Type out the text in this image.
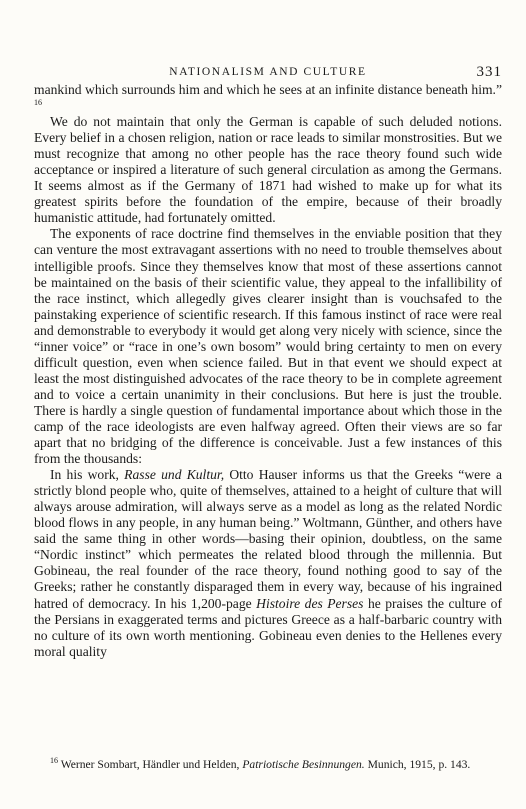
NATIONALISM AND CULTURE	331

mankind which surrounds him and which he sees at an infinite distance beneath him.” $^{16}$

We do not maintain that only the German is capable of such deluded notions. Every belief in a chosen religion, nation or race leads to similar monstrosities. But we must recognize that among no other people has the race theory found such wide acceptance or inspired a literature of such general circulation as among the Germans. It seems almost as if the Germany of 1871 had wished to make up for what its greatest spirits before the foundation of the empire, because of their broadly humanistic attitude, had fortunately omitted.

The exponents of race doctrine find themselves in the enviable position that they can venture the most extravagant assertions with no need to trouble themselves about intelligible proofs. Since they themselves know that most of these assertions cannot be maintained on the basis of their scientific value, they appeal to the infallibility of the race instinct, which allegedly gives clearer insight than is vouchsafed to the painstaking experience of scientific research. If this famous instinct of race were real and demonstrable to everybody it would get along very nicely with science, since the “inner voice” or “race in one’s own bosom” would bring certainty to men on every difficult question, even when science failed. But in that event we should expect at least the most distinguished advocates of the race theory to be in complete agreement and to voice a certain unanimity in their conclusions. But here is just the trouble. There is hardly a single question of fundamental importance about which those in the camp of the race ideologists are even halfway agreed. Often their views are so far apart that no bridging of the difference is conceivable. Just a few instances of this from the thousands:

In his work, Rasse und Kultur, Otto Hauser informs us that the Greeks “were a strictly blond people who, quite of themselves, attained to a height of culture that will always arouse admiration, will always serve as a model as long as the related Nordic blood flows in any people, in any human being.” Woltmann, Günther, and others have said the same thing in other words—basing their opinion, doubtless, on the same “Nordic instinct” which permeates the related blood through the millennia. But Gobineau, the real founder of the race theory, found nothing good to say of the Greeks; rather he constantly disparaged them in every way, because of his ingrained hatred of democracy. In his 1,200-page Histoire des Perses he praises the culture of the Persians in exaggerated terms and pictures Greece as a half-barbaric country with no culture of its own worth mentioning. Gobineau even denies to the Hellenes every moral quality

$^{16}$ Werner Sombart, Händler und Helden, Patriotische Besinnungen. Munich, 1915, p. 143.
